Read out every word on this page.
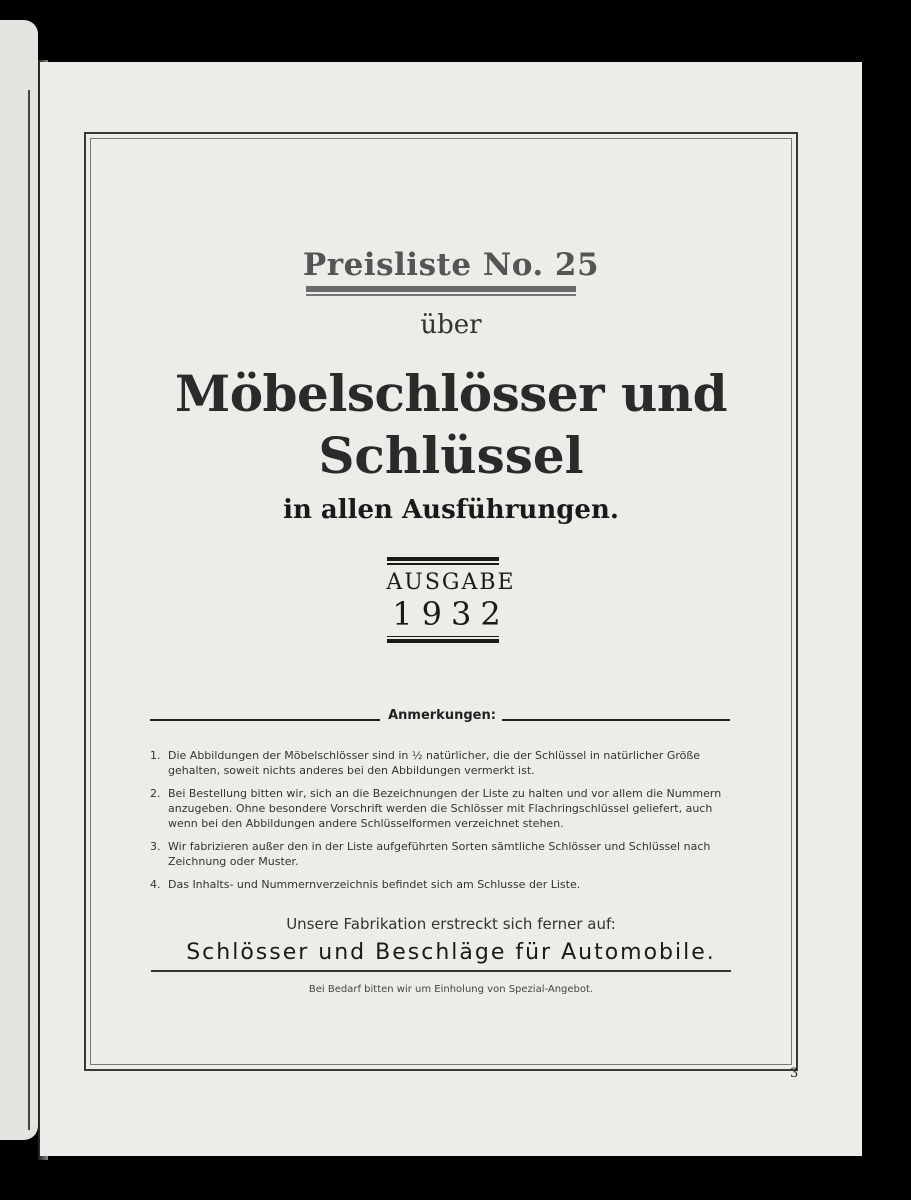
Preisliste No. 25
über
Möbelschlösser und
Schlüssel
in allen Ausführungen.
AUSGABE
1932
Anmerkungen:
1. Die Abbildungen der Möbelschlösser sind in ½ natürlicher, die der Schlüssel in natürlicher Größe gehalten, soweit nichts anderes bei den Abbildungen vermerkt ist.
2. Bei Bestellung bitten wir, sich an die Bezeichnungen der Liste zu halten und vor allem die Nummern anzugeben. Ohne besondere Vorschrift werden die Schlösser mit Flachringschlüssel geliefert, auch wenn bei den Abbildungen andere Schlüsselformen verzeichnet stehen.
3. Wir fabrizieren außer den in der Liste aufgeführten Sorten sämtliche Schlösser und Schlüssel nach Zeichnung oder Muster.
4. Das Inhalts- und Nummernverzeichnis befindet sich am Schlusse der Liste.
Unsere Fabrikation erstreckt sich ferner auf:
Schlösser und Beschläge für Automobile.
Bei Bedarf bitten wir um Einholung von Spezial-Angebot.
3
